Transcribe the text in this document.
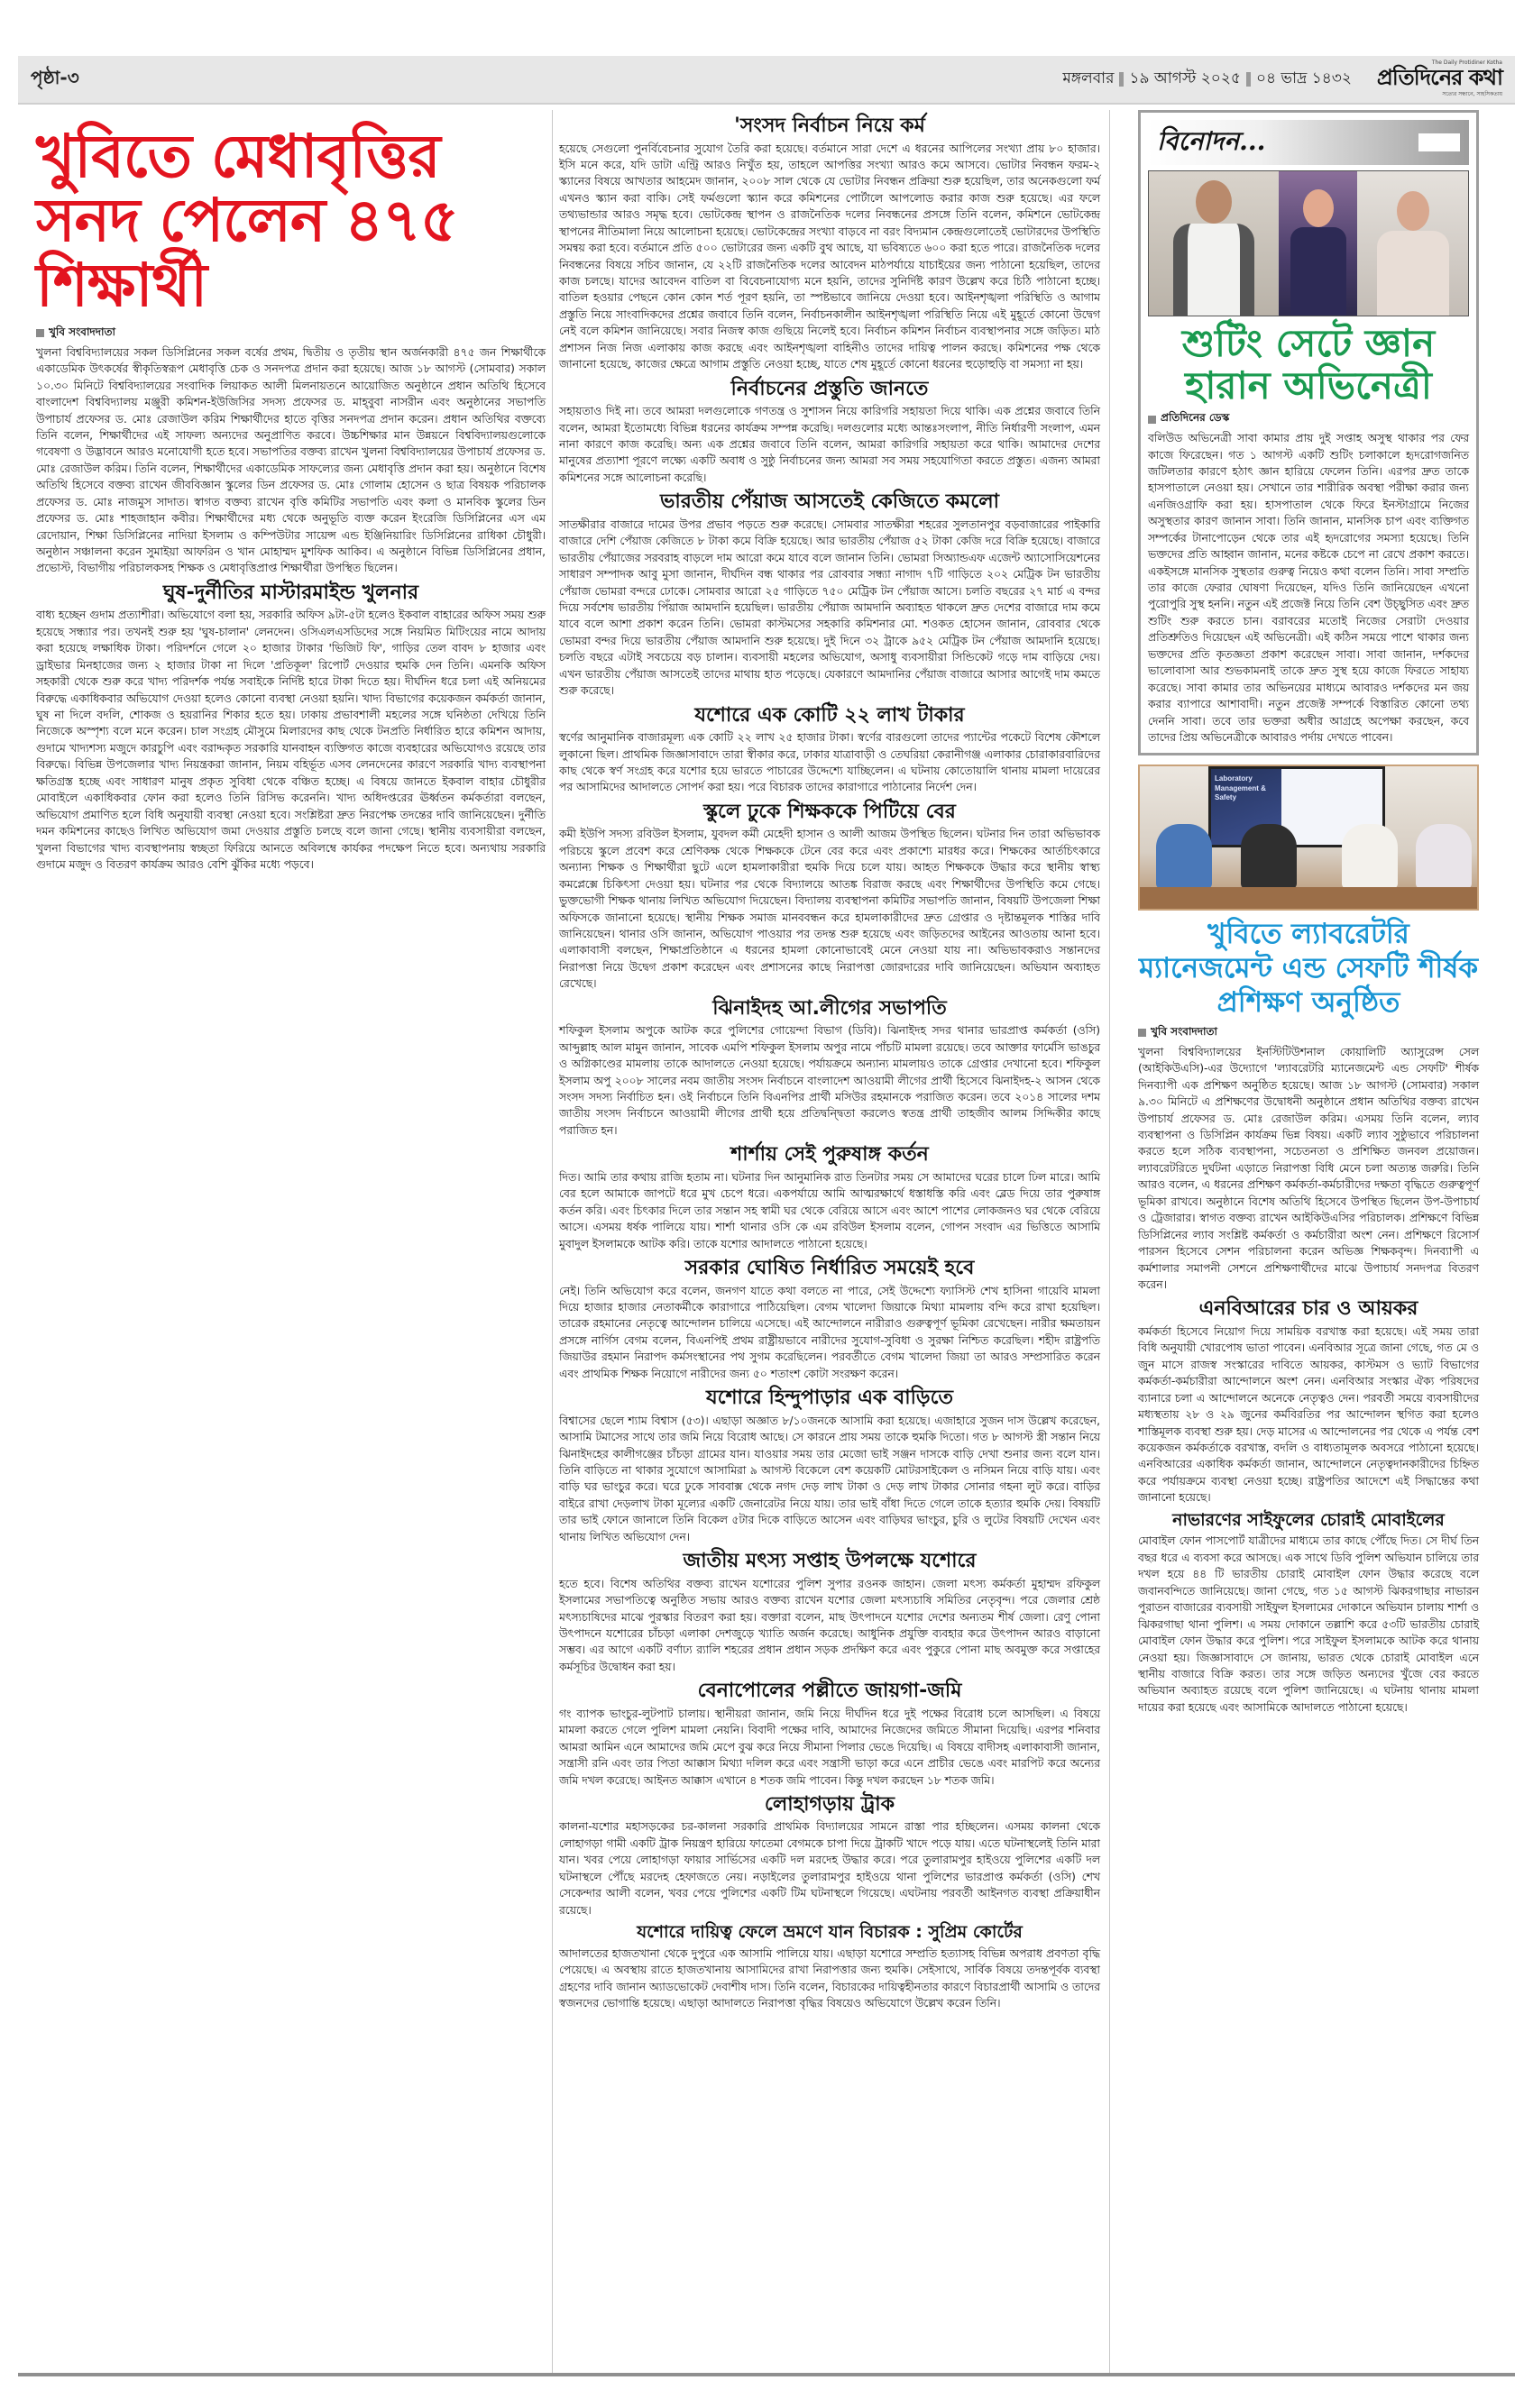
পৃষ্ঠা-৩	মঙ্গলবার ১৯ আগস্ট ২০২৫ ০৪ ভাদ্র ১৪৩২
The Daily Protidiner Kotha
প্রতিদিনের কথা
সত্যের সন্ধানে, সাহসিকতায়
খুবিতে মেধাবৃত্তির সনদ পেলেন ৪৭৫ শিক্ষার্থী
খুবি সংবাদদাতা

খুলনা বিশ্ববিদ্যালয়ের সকল ডিসিপ্লিনের সকল বর্ষের প্রথম, দ্বিতীয় ও তৃতীয় স্থান অর্জনকারী ৪৭৫ জন শিক্ষার্থীকে একাডেমিক উৎকর্ষের স্বীকৃতিস্বরূপ মেধাবৃত্তি চেক ও সনদপত্র প্রদান করা হয়েছে। আজ ১৮ আগস্ট (সোমবার) সকাল ১০.৩০ মিনিটে বিশ্ববিদ্যালয়ের সংবাদিক লিয়াকত আলী মিলনায়তনে আয়োজিত অনুষ্ঠানে প্রধান অতিথি হিসেবে বাংলাদেশ বিশ্ববিদ্যালয় মঞ্জুরী কমিশন-ইউজিসির সদস্য প্রফেসর ড. মাহ্‌বুবা নাসরীন এবং অনুষ্ঠানের সভাপতি উপাচার্য প্রফেসর ড. মোঃ রেজাউল করিম শিক্ষার্থীদের হাতে বৃত্তির সনদপত্র প্রদান করেন। প্রধান অতিথির বক্তব্যে তিনি বলেন, শিক্ষার্থীদের এই সাফল্য অন্যদের অনুপ্রাণিত করবে। উচ্চশিক্ষার মান উন্নয়নে বিশ্ববিদ্যালয়গুলোকে গবেষণা ও উদ্ভাবনে আরও মনোযোগী হতে হবে। সভাপতির বক্তব্য রাখেন খুলনা বিশ্ববিদ্যালয়ের উপাচার্য প্রফেসর ড. মোঃ রেজাউল করিম। তিনি বলেন, শিক্ষার্থীদের একাডেমিক সাফল্যের জন্য মেধাবৃত্তি প্রদান করা হয়। অনুষ্ঠানে বিশেষ অতিথি হিসেবে বক্তব্য রাখেন জীববিজ্ঞান স্কুলের ডিন প্রফেসর ড. মোঃ গোলাম হোসেন ও ছাত্র বিষয়ক পরিচালক প্রফেসর ড. মোঃ নাজমুস সাদাত। স্বাগত বক্তব্য রাখেন বৃত্তি কমিটির সভাপতি এবং কলা ও মানবিক স্কুলের ডিন প্রফেসর ড. মোঃ শাহজাহান কবীর। শিক্ষার্থীদের মধ্য থেকে অনুভূতি ব্যক্ত করেন ইংরেজি ডিসিপ্লিনের এস এম রেদোয়ান, শিক্ষা ডিসিপ্লিনের নাদিয়া ইসলাম ও কম্পিউটার সায়েন্স এন্ড ইঞ্জিনিয়ারিং ডিসিপ্লিনের রাধিকা চৌধুরী। অনুষ্ঠান সঞ্চালনা করেন সুমাইয়া আফরিন ও খান মোহাম্মদ মুশফিক আকিব। এ অনুষ্ঠানে বিভিন্ন ডিসিপ্লিনের প্রধান, প্রভোস্ট, বিভাগীয় পরিচালকসহ শিক্ষক ও মেধাবৃত্তিপ্রাপ্ত শিক্ষার্থীরা উপস্থিত ছিলেন।

ঘুষ-দুর্নীতির মাস্টারমাইন্ড খুলনার

বাধ্য হচ্ছেন গুদাম প্রত্যাশীরা। অভিযোগে বলা হয়, সরকারি অফিস ৯টা-৫টা হলেও ইকবাল বাহারের অফিস সময় শুরু হয়েছে সন্ধ্যার পর। তখনই শুরু হয় 'ঘুষ-চালান' লেনদেন। ওসিএলএসডিদের সঙ্গে নিয়মিত মিটিংয়ের নামে আদায় করা হয়েছে লক্ষাধিক টাকা। পরিদর্শনে গেলে ২০ হাজার টাকার 'ভিজিট ফি', গাড়ির তেল বাবদ ৮ হাজার এবং ড্রাইভার মিনহাজের জন্য ২ হাজার টাকা না দিলে 'প্রতিকূল' রিপোর্ট দেওয়ার হুমকি দেন তিনি। এমনকি অফিস সহকারী থেকে শুরু করে খাদ্য পরিদর্শক পর্যন্ত সবাইকে নির্দিষ্ট হারে টাকা দিতে হয়। দীর্ঘদিন ধরে চলা এই অনিয়মের বিরুদ্ধে একাধিকবার অভিযোগ দেওয়া হলেও কোনো ব্যবস্থা নেওয়া হয়নি। খাদ্য বিভাগের কয়েকজন কর্মকর্তা জানান, ঘুষ না দিলে বদলি, শোকজ ও হয়রানির শিকার হতে হয়। ঢাকায় প্রভাবশালী মহলের সঙ্গে ঘনিষ্ঠতা দেখিয়ে তিনি নিজেকে অস্পৃশ্য বলে মনে করেন। চাল সংগ্রহ মৌসুমে মিলারদের কাছ থেকে টনপ্রতি নির্ধারিত হারে কমিশন আদায়, গুদামে খাদ্যশস্য মজুদে কারচুপি এবং বরাদ্দকৃত সরকারি যানবাহন ব্যক্তিগত কাজে ব্যবহারের অভিযোগও রয়েছে তার বিরুদ্ধে। বিভিন্ন উপজেলার খাদ্য নিয়ন্ত্রকরা জানান, নিয়ম বহির্ভূত এসব লেনদেনের কারণে সরকারি খাদ্য ব্যবস্থাপনা ক্ষতিগ্রস্ত হচ্ছে এবং সাধারণ মানুষ প্রকৃত সুবিধা থেকে বঞ্চিত হচ্ছে। এ বিষয়ে জানতে ইকবাল বাহার চৌধুরীর মোবাইলে একাধিকবার ফোন করা হলেও তিনি রিসিভ করেননি। খাদ্য অধিদপ্তরের ঊর্ধ্বতন কর্মকর্তারা বলছেন, অভিযোগ প্রমাণিত হলে বিধি অনুযায়ী ব্যবস্থা নেওয়া হবে। সংশ্লিষ্টরা দ্রুত নিরপেক্ষ তদন্তের দাবি জানিয়েছেন। দুর্নীতি দমন কমিশনের কাছেও লিখিত অভিযোগ জমা দেওয়ার প্রস্তুতি চলছে বলে জানা গেছে। স্থানীয় ব্যবসায়ীরা বলছেন, খুলনা বিভাগের খাদ্য ব্যবস্থাপনায় স্বচ্ছতা ফিরিয়ে আনতে অবিলম্বে কার্যকর পদক্ষেপ নিতে হবে। অন্যথায় সরকারি গুদামে মজুদ ও বিতরণ কার্যক্রম আরও বেশি ঝুঁকির মধ্যে পড়বে।

'সংসদ নির্বাচন নিয়ে কর্ম

হয়েছে সেগুলো পুনর্বিবেচনার সুযোগ তৈরি করা হয়েছে। বর্তমানে সারা দেশে এ ধরনের আপিলের সংখ্যা প্রায় ৮০ হাজার। ইসি মনে করে, যদি ডাটা এন্ট্রি আরও নিখুঁত হয়, তাহলে আপত্তির সংখ্যা আরও কমে আসবে। ভোটার নিবন্ধন ফরম-২ স্ক্যানের বিষয়ে আখতার আহমেদ জানান, ২০০৮ সাল থেকে যে ভোটার নিবন্ধন প্রক্রিয়া শুরু হয়েছিল, তার অনেকগুলো ফর্ম এখনও স্ক্যান করা বাকি। সেই ফর্মগুলো স্ক্যান করে কমিশনের পোর্টালে আপলোড করার কাজ শুরু হয়েছে। এর ফলে তথ্যভান্ডার আরও সমৃদ্ধ হবে। ভোটকেন্দ্র স্থাপন ও রাজনৈতিক দলের নিবন্ধনের প্রসঙ্গে তিনি বলেন, কমিশনে ভোটকেন্দ্র স্থাপনের নীতিমালা নিয়ে আলোচনা হয়েছে। ভোটকেন্দ্রের সংখ্যা বাড়বে না বরং বিদ্যমান কেন্দ্রগুলোতেই ভোটারদের উপস্থিতি সমন্বয় করা হবে। বর্তমানে প্রতি ৫০০ ভোটারের জন্য একটি বুথ আছে, যা ভবিষ্যতে ৬০০ করা হতে পারে। রাজনৈতিক দলের নিবন্ধনের বিষয়ে সচিব জানান, যে ২২টি রাজনৈতিক দলের আবেদন মাঠপর্যায়ে যাচাইয়ের জন্য পাঠানো হয়েছিল, তাদের কাজ চলছে। যাদের আবেদন বাতিল বা বিবেচনাযোগ্য মনে হয়নি, তাদের সুনির্দিষ্ট কারণ উল্লেখ করে চিঠি পাঠানো হচ্ছে। বাতিল হওয়ার পেছনে কোন কোন শর্ত পূরণ হয়নি, তা স্পষ্টভাবে জানিয়ে দেওয়া হবে। আইনশৃঙ্খলা পরিস্থিতি ও আগাম প্রস্তুতি নিয়ে সাংবাদিকদের প্রশ্নের জবাবে তিনি বলেন, নির্বাচনকালীন আইনশৃঙ্খলা পরিস্থিতি নিয়ে এই মুহূর্তে কোনো উদ্বেগ নেই বলে কমিশন জানিয়েছে। সবার নিজস্ব কাজ গুছিয়ে নিলেই হবে। নির্বাচন কমিশন নির্বাচন ব্যবস্থাপনার সঙ্গে জড়িত। মাঠ প্রশাসন নিজ নিজ এলাকায় কাজ করছে এবং আইনশৃঙ্খলা বাহিনীও তাদের দায়িত্ব পালন করছে। কমিশনের পক্ষ থেকে জানানো হয়েছে, কাজের ক্ষেত্রে আগাম প্রস্তুতি নেওয়া হচ্ছে, যাতে শেষ মুহূর্তে কোনো ধরনের হুড়োহুড়ি বা সমস্যা না হয়।

নির্বাচনের প্রস্তুতি জানতে

সহায়তাও দিই না। তবে আমরা দলগুলোকে গণতন্ত্র ও সুশাসন নিয়ে কারিগরি সহায়তা দিয়ে থাকি। এক প্রশ্নের জবাবে তিনি বলেন, আমরা ইতোমধ্যে বিভিন্ন ধরনের কার্যক্রম সম্পন্ন করেছি। দলগুলোর মধ্যে আন্তঃসংলাপ, নীতি নির্ধারণী সংলাপ, এমন নানা কারণে কাজ করেছি। অন্য এক প্রশ্নের জবাবে তিনি বলেন, আমরা কারিগরি সহায়তা করে থাকি। আমাদের দেশের মানুষের প্রত্যাশা পূরণে লক্ষ্যে একটি অবাধ ও সুষ্ঠু নির্বাচনের জন্য আমরা সব সময় সহযোগিতা করতে প্রস্তুত। এজন্য আমরা কমিশনের সঙ্গে আলোচনা করেছি।

ভারতীয় পেঁয়াজ আসতেই কেজিতে কমলো

সাতক্ষীরার বাজারে দামের উপর প্রভাব পড়তে শুরু করেছে। সোমবার সাতক্ষীরা শহরের সুলতানপুর বড়বাজারের পাইকারি বাজারে দেশি পেঁয়াজ কেজিতে ৮ টাকা কমে বিক্রি হয়েছে। আর ভারতীয় পেঁয়াজ ৫২ টাকা কেজি দরে বিক্রি হয়েছে। বাজারে ভারতীয় পেঁয়াজের সরবরাহ বাড়লে দাম আরো কমে যাবে বলে জানান তিনি। ভোমরা সিঅ্যান্ডএফ এজেন্ট অ্যাসোসিয়েশনের সাধারণ সম্পাদক আবু মুসা জানান, দীর্ঘদিন বন্ধ থাকার পর রোববার সন্ধ্যা নাগাদ ৭টি গাড়িতে ২০২ মেট্রিক টন ভারতীয় পেঁয়াজ ভোমরা বন্দরে ঢোকে। সোমবার আরো ২৫ গাড়িতে ৭৫০ মেট্রিক টন পেঁয়াজ আসে। চলতি বছরের ২৭ মার্চ এ বন্দর দিয়ে সর্বশেষ ভারতীয় পিঁয়াজ আমদানি হয়েছিল। ভারতীয় পেঁয়াজ আমদানি অব্যাহত থাকলে দ্রুত দেশের বাজারে দাম কমে যাবে বলে আশা প্রকাশ করেন তিনি। ভোমরা কাস্টমসের সহকারি কমিশনার মো. শওকত হোসেন জানান, রোববার থেকে ভোমরা বন্দর দিয়ে ভারতীয় পেঁয়াজ আমদানি শুরু হয়েছে। দুই দিনে ৩২ ট্রাকে ৯৫২ মেট্রিক টন পেঁয়াজ আমদানি হয়েছে। চলতি বছরে এটাই সবচেয়ে বড় চালান। ব্যবসায়ী মহলের অভিযোগ, অসাধু ব্যবসায়ীরা সিন্ডিকেট গড়ে দাম বাড়িয়ে দেয়। এখন ভারতীয় পেঁয়াজ আসতেই তাদের মাথায় হাত পড়েছে। যেকারণে আমদানির পেঁয়াজ বাজারে আসার আগেই দাম কমতে শুরু করেছে।

যশোরে এক কোটি ২২ লাখ টাকার

স্বর্ণের আনুমানিক বাজারমূল্য এক কোটি ২২ লাখ ২৫ হাজার টাকা। স্বর্ণের বারগুলো তাদের প্যান্টের পকেটে বিশেষ কৌশলে লুকানো ছিল। প্রাথমিক জিজ্ঞাসাবাদে তারা স্বীকার করে, ঢাকার যাত্রাবাড়ী ও তেঘরিয়া কেরানীগঞ্জ এলাকার চোরাকারবারিদের কাছ থেকে স্বর্ণ সংগ্রহ করে যশোর হয়ে ভারতে পাচারের উদ্দেশ্যে যাচ্ছিলেন। এ ঘটনায় কোতোয়ালি থানায় মামলা দায়েরের পর আসামিদের আদালতে সোপর্দ করা হয়। পরে বিচারক তাদের কারাগারে পাঠানোর নির্দেশ দেন।

স্কুলে ঢুকে শিক্ষককে পিটিয়ে বের

কমী ইউপি সদস্য রবিউল ইসলাম, যুবদল কর্মী মেহেদী হাসান ও আলী আজম উপস্থিত ছিলেন। ঘটনার দিন তারা অভিভাবক পরিচয়ে স্কুলে প্রবেশ করে শ্রেণিকক্ষ থেকে শিক্ষককে টেনে বের করে এবং প্রকাশ্যে মারধর করে। শিক্ষকের আর্তচিৎকারে অন্যান্য শিক্ষক ও শিক্ষার্থীরা ছুটে এলে হামলাকারীরা হুমকি দিয়ে চলে যায়। আহত শিক্ষককে উদ্ধার করে স্থানীয় স্বাস্থ্য কমপ্লেক্সে চিকিৎসা দেওয়া হয়। ঘটনার পর থেকে বিদ্যালয়ে আতঙ্ক বিরাজ করছে এবং শিক্ষার্থীদের উপস্থিতি কমে গেছে। ভুক্তভোগী শিক্ষক থানায় লিখিত অভিযোগ দিয়েছেন। বিদ্যালয় ব্যবস্থাপনা কমিটির সভাপতি জানান, বিষয়টি উপজেলা শিক্ষা অফিসকে জানানো হয়েছে। স্থানীয় শিক্ষক সমাজ মানববন্ধন করে হামলাকারীদের দ্রুত গ্রেপ্তার ও দৃষ্টান্তমূলক শাস্তির দাবি জানিয়েছেন। থানার ওসি জানান, অভিযোগ পাওয়ার পর তদন্ত শুরু হয়েছে এবং জড়িতদের আইনের আওতায় আনা হবে। এলাকাবাসী বলছেন, শিক্ষাপ্রতিষ্ঠানে এ ধরনের হামলা কোনোভাবেই মেনে নেওয়া যায় না। অভিভাবকরাও সন্তানদের নিরাপত্তা নিয়ে উদ্বেগ প্রকাশ করেছেন এবং প্রশাসনের কাছে নিরাপত্তা জোরদারের দাবি জানিয়েছেন। অভিযান অব্যাহত রেখেছে।

ঝিনাইদহ আ.লীগের সভাপতি

শফিকুল ইসলাম অপুকে আটক করে পুলিশের গোয়েন্দা বিভাগ (ডিবি)। ঝিনাইদহ সদর থানার ভারপ্রাপ্ত কর্মকর্তা (ওসি) আব্দুল্লাহ আল মামুন জানান, সাবেক এমপি শফিকুল ইসলাম অপুর নামে পাঁচটি মামলা রয়েছে। তবে আক্তার ফার্মেসি ভাঙচুর ও অগ্নিকাণ্ডের মামলায় তাকে আদালতে নেওয়া হয়েছে। পর্যায়ক্রমে অন্যান্য মামলায়ও তাকে গ্রেপ্তার দেখানো হবে। শফিকুল ইসলাম অপু ২০০৮ সালের নবম জাতীয় সংসদ নির্বাচনে বাংলাদেশ আওয়ামী লীগের প্রার্থী হিসেবে ঝিনাইদহ-২ আসন থেকে সংসদ সদস্য নির্বাচিত হন। ওই নির্বাচনে তিনি বিএনপির প্রার্থী মসিউর রহমানকে পরাজিত করেন। তবে ২০১৪ সালের দশম জাতীয় সংসদ নির্বাচনে আওয়ামী লীগের প্রার্থী হয়ে প্রতিদ্বন্দ্বিতা করলেও স্বতন্ত্র প্রার্থী তাহজীব আলম সিদ্দিকীর কাছে পরাজিত হন।

শার্শায় সেই পুরুষাঙ্গ কর্তন

দিত। আমি তার কথায় রাজি হতাম না। ঘটনার দিন আনুমানিক রাত তিনটার সময় সে আমাদের ঘরের চালে ঢিল মারে। আমি বের হলে আমাকে জাপটে ধরে মুখ চেপে ধরে। একপর্যায়ে আমি আত্মরক্ষার্থে ধস্তাধস্তি করি এবং ব্লেড দিয়ে তার পুরুষাঙ্গ কর্তন করি। এবং চিৎকার দিলে তার সন্তান সহ স্বামী ঘর থেকে বেরিয়ে আসে এবং আশে পাশের লোকজনও ঘর থেকে বেরিয়ে আসে। এসময় ধর্ষক পালিয়ে যায়। শার্শা থানার ওসি কে এম রবিউল ইসলাম বলেন, গোপন সংবাদ এর ভিত্তিতে আসামি মুবাদুল ইসলামকে আটক করি। তাকে যশোর আদালতে পাঠানো হয়েছে।

সরকার ঘোষিত নির্ধারিত সময়েই হবে

নেই। তিনি অভিযোগ করে বলেন, জনগণ যাতে কথা বলতে না পারে, সেই উদ্দেশ্যে ফ্যাসিস্ট শেখ হাসিনা গায়েবি মামলা দিয়ে হাজার হাজার নেতাকর্মীকে কারাগারে পাঠিয়েছিল। বেগম খালেদা জিয়াকে মিথ্যা মামলায় বন্দি করে রাখা হয়েছিল। তারেক রহমানের নেতৃত্বে আন্দোলন চালিয়ে এসেছে। এই আন্দোলনে নারীরাও গুরুত্বপূর্ণ ভূমিকা রেখেছেন। নারীর ক্ষমতায়ন প্রসঙ্গে নার্গিস বেগম বলেন, বিএনপিই প্রথম রাষ্ট্রীয়ভাবে নারীদের সুযোগ-সুবিধা ও সুরক্ষা নিশ্চিত করেছিল। শহীদ রাষ্ট্রপতি জিয়াউর রহমান নিরাপদ কর্মসংস্থানের পথ সুগম করেছিলেন। পরবর্তীতে বেগম খালেদা জিয়া তা আরও সম্প্রসারিত করেন এবং প্রাথমিক শিক্ষক নিয়োগে নারীদের জন্য ৫০ শতাংশ কোটা সংরক্ষণ করেন।

যশোরে হিন্দুপাড়ার এক বাড়িতে

বিশ্বাসের ছেলে শ্যাম বিশ্বাস (৫৩)। এছাড়া অজ্ঞাত ৮/১০জনকে আসামি করা হয়েছে। এজাহারে সুজন দাস উল্লেখ করেছেন, আসামি টমাসের সাথে তার জমি নিয়ে বিরোধ আছে। সে কারনে প্রায় সময় তাকে হুমকি দিতো। গত ৮ আগস্ট স্ত্রী সন্তান নিয়ে ঝিনাইদহের কালীগঞ্জের চাঁচড়া গ্রামের যান। যাওয়ার সময় তার মেজো ভাই সঞ্জন দাসকে বাড়ি দেখা শুনার জন্য বলে যান। তিনি বাড়িতে না থাকার সুযোগে আসামিরা ৯ আগস্ট বিকেলে বেশ কয়েকটি মোটরসাইকেল ও নসিমন নিয়ে বাড়ি যায়। এবং বাড়ি ঘর ভাংচুর করে। ঘরে ঢুকে সাববাক্স থেকে নগদ দেড় লাখ টাকা ও দেড় লাখ টাকার সোনার গহনা লুট করে। বাড়ির বাইরে রাখা দেড়লাখ টাকা মূল্যের একটি জেনারেটর নিয়ে যায়। তার ভাই বাঁধা দিতে গেলে তাকে হত্যার হুমকি দেয়। বিষয়টি তার ভাই ফোনে জানালে তিনি বিকেল ৫টার দিকে বাড়িতে আসেন এবং বাড়িঘর ভাংচুর, চুরি ও লুটের বিষয়টি দেখেন এবং থানায় লিখিত অভিযোগ দেন।

জাতীয় মৎস্য সপ্তাহ উপলক্ষে যশোরে

হতে হবে। বিশেষ অতিথির বক্তব্য রাখেন যশোরের পুলিশ সুপার রওনক জাহান। জেলা মৎস্য কর্মকর্তা মুহাম্মদ রফিকুল ইসলামের সভাপতিত্বে অনুষ্ঠিত সভায় আরও বক্তব্য রাখেন যশোর জেলা মৎস্যচাষি সমিতির নেতৃবৃন্দ। পরে জেলার শ্রেষ্ঠ মৎস্যচাষিদের মাঝে পুরস্কার বিতরণ করা হয়। বক্তারা বলেন, মাছ উৎপাদনে যশোর দেশের অন্যতম শীর্ষ জেলা। রেণু পোনা উৎপাদনে যশোরের চাঁচড়া এলাকা দেশজুড়ে খ্যাতি অর্জন করেছে। আধুনিক প্রযুক্তি ব্যবহার করে উৎপাদন আরও বাড়ানো সম্ভব। এর আগে একটি বর্ণাঢ্য র‍্যালি শহরের প্রধান প্রধান সড়ক প্রদক্ষিণ করে এবং পুকুরে পোনা মাছ অবমুক্ত করে সপ্তাহের কর্মসূচির উদ্বোধন করা হয়।

বেনাপোলের পল্লীতে জায়গা-জমি

গং ব্যাপক ভাংচুর-লুটপাট চালায়। স্থানীয়রা জানান, জমি নিয়ে দীর্ঘদিন ধরে দুই পক্ষের বিরোধ চলে আসছিল। এ বিষয়ে মামলা করতে গেলে পুলিশ মামলা নেয়নি। বিবাদী পক্ষের দাবি, আমাদের নিজেদের জমিতে সীমানা দিয়েছি। এরপর শনিবার আমরা আমিন এনে আমাদের জমি মেপে বুঝ করে নিয়ে সীমানা পিলার ভেঙে দিয়েছি। এ বিষয়ে বাদীসহ এলাকাবাসী জানান, সন্ত্রাসী রনি এবং তার পিতা আক্কাস মিথ্যা দলিল করে এবং সন্ত্রাসী ভাড়া করে এনে প্রাচীর ভেঙে এবং মারপিট করে অন্যের জমি দখল করেছে। আইনত আক্কাস এখানে ৪ শতক জমি পাবেন। কিন্তু দখল করছেন ১৮ শতক জমি।

লোহাগড়ায় ট্রাক

কালনা-যশোর মহাসড়কের চর-কালনা সরকারি প্রাথমিক বিদ্যালয়ের সামনে রাস্তা পার হচ্ছিলেন। এসময় কালনা থেকে লোহাগড়া গামী একটি ট্রাক নিয়ন্ত্রণ হারিয়ে ফাতেমা বেগমকে চাপা দিয়ে ট্রাকটি খাদে পড়ে যায়। এতে ঘটনাস্থলেই তিনি মারা যান। খবর পেয়ে লোহাগড়া ফায়ার সার্ভিসের একটি দল মরদেহ উদ্ধার করে। পরে তুলারামপুর হাইওয়ে পুলিশের একটি দল ঘটনাস্থলে পৌঁছে মরদেহ হেফাজতে নেয়। নড়াইলের তুলারামপুর হাইওয়ে থানা পুলিশের ভারপ্রাপ্ত কর্মকর্তা (ওসি) শেখ সেকেন্দার আলী বলেন, খবর পেয়ে পুলিশের একটি টিম ঘটনাস্থলে গিয়েছে। এঘটনায় পরবর্তী আইনগত ব্যবস্থা প্রক্রিয়াধীন রয়েছে।

যশোরে দায়িত্ব ফেলে ভ্রমণে যান বিচারক : সুপ্রিম কোর্টের

আদালতের হাজতখানা থেকে দুপুরে এক আসামি পালিয়ে যায়। এছাড়া যশোরে সম্প্রতি হত্যাসহ বিভিন্ন অপরাধ প্রবণতা বৃদ্ধি পেয়েছে। এ অবস্থায় রাতে হাজতখানায় আসামিদের রাখা নিরাপত্তার জন্য হুমকি। সেইসাথে, সার্বিক বিষয়ে তদন্তপূর্বক ব্যবস্থা গ্রহণের দাবি জানান অ্যাডভোকেট দেবাশীষ দাস। তিনি বলেন, বিচারকের দায়িত্বহীনতার কারণে বিচারপ্রার্থী আসামি ও তাদের স্বজনদের ভোগান্তি হয়েছে। এছাড়া আদালতে নিরাপত্তা বৃদ্ধির বিষয়েও অভিযোগে উল্লেখ করেন তিনি।

বিনোদন...
শুটিং সেটে জ্ঞান হারান অভিনেত্রী
প্রতিদিনের ডেস্ক

বলিউড অভিনেত্রী সাবা কামার প্রায় দুই সপ্তাহ অসুস্থ থাকার পর ফের কাজে ফিরেছেন। গত ১ আগস্ট একটি শুটিং চলাকালে হৃদরোগজনিত জটিলতার কারণে হঠাৎ জ্ঞান হারিয়ে ফেলেন তিনি। এরপর দ্রুত তাকে হাসপাতালে নেওয়া হয়। সেখানে তার শারীরিক অবস্থা পরীক্ষা করার জন্য এনজিওগ্রাফি করা হয়। হাসপাতাল থেকে ফিরে ইনস্টাগ্রামে নিজের অসুস্থতার কারণ জানান সাবা। তিনি জানান, মানসিক চাপ এবং ব্যক্তিগত সম্পর্কের টানাপোড়েন থেকে তার এই হৃদরোগের সমস্যা হয়েছে। তিনি ভক্তদের প্রতি আহ্বান জানান, মনের কষ্টকে চেপে না রেখে প্রকাশ করতে। একইসঙ্গে মানসিক সুস্থতার গুরুত্ব নিয়েও কথা বলেন তিনি। সাবা সম্প্রতি তার কাজে ফেরার ঘোষণা দিয়েছেন, যদিও তিনি জানিয়েছেন এখনো পুরোপুরি সুস্থ হননি। নতুন এই প্রজেক্ট নিয়ে তিনি বেশ উচ্ছ্বসিত এবং দ্রুত শুটিং শুরু করতে চান। বরাবরের মতোই নিজের সেরাটা দেওয়ার প্রতিশ্রুতিও দিয়েছেন এই অভিনেত্রী। এই কঠিন সময়ে পাশে থাকার জন্য ভক্তদের প্রতি কৃতজ্ঞতা প্রকাশ করেছেন সাবা। সাবা জানান, দর্শকদের ভালোবাসা আর শুভকামনাই তাকে দ্রুত সুস্থ হয়ে কাজে ফিরতে সাহায্য করেছে। সাবা কামার তার অভিনয়ের মাধ্যমে আবারও দর্শকদের মন জয় করার ব্যাপারে আশাবাদী। নতুন প্রজেক্ট সম্পর্কে বিস্তারিত কোনো তথ্য দেননি সাবা। তবে তার ভক্তরা অধীর আগ্রহে অপেক্ষা করছেন, কবে তাদের প্রিয় অভিনেত্রীকে আবারও পর্দায় দেখতে পাবেন।

Laboratory Management & Safety
খুবিতে ল্যাবরেটরি ম্যানেজমেন্ট এন্ড সেফটি শীর্ষক প্রশিক্ষণ অনুষ্ঠিত
খুবি সংবাদদাতা

খুলনা বিশ্ববিদ্যালয়ের ইনস্টিটিউশনাল কোয়ালিটি অ্যাসুরেন্স সেল (আইকিউএসি)-এর উদ্যোগে 'ল্যাবরেটরি ম্যানেজমেন্ট এন্ড সেফটি' শীর্ষক দিনব্যাপী এক প্রশিক্ষণ অনুষ্ঠিত হয়েছে। আজ ১৮ আগস্ট (সোমবার) সকাল ৯.৩০ মিনিটে এ প্রশিক্ষণের উদ্বোধনী অনুষ্ঠানে প্রধান অতিথির বক্তব্য রাখেন উপাচার্য প্রফেসর ড. মোঃ রেজাউল করিম। এসময় তিনি বলেন, ল্যাব ব্যবস্থাপনা ও ডিসিপ্লিন কার্যক্রম ভিন্ন বিষয়। একটি ল্যাব সুষ্ঠুভাবে পরিচালনা করতে হলে সঠিক ব্যবস্থাপনা, সচেতনতা ও প্রশিক্ষিত জনবল প্রয়োজন। ল্যাবরেটরিতে দুর্ঘটনা এড়াতে নিরাপত্তা বিধি মেনে চলা অত্যন্ত জরুরি। তিনি আরও বলেন, এ ধরনের প্রশিক্ষণ কর্মকর্তা-কর্মচারীদের দক্ষতা বৃদ্ধিতে গুরুত্বপূর্ণ ভূমিকা রাখবে। অনুষ্ঠানে বিশেষ অতিথি হিসেবে উপস্থিত ছিলেন উপ-উপাচার্য ও ট্রেজারার। স্বাগত বক্তব্য রাখেন আইকিউএসির পরিচালক। প্রশিক্ষণে বিভিন্ন ডিসিপ্লিনের ল্যাব সংশ্লিষ্ট কর্মকর্তা ও কর্মচারীরা অংশ নেন। প্রশিক্ষণে রিসোর্স পারসন হিসেবে সেশন পরিচালনা করেন অভিজ্ঞ শিক্ষকবৃন্দ। দিনব্যাপী এ কর্মশালার সমাপনী সেশনে প্রশিক্ষণার্থীদের মাঝে উপাচার্য সনদপত্র বিতরণ করেন।

এনবিআরের চার ও আয়কর

কর্মকর্তা হিসেবে নিয়োগ দিয়ে সাময়িক বরখাস্ত করা হয়েছে। এই সময় তারা বিধি অনুযায়ী খোরপোষ ভাতা পাবেন। এনবিআর সূত্রে জানা গেছে, গত মে ও জুন মাসে রাজস্ব সংস্কারের দাবিতে আয়কর, কাস্টমস ও ভ্যাট বিভাগের কর্মকর্তা-কর্মচারীরা আন্দোলনে অংশ নেন। এনবিআর সংস্কার ঐক্য পরিষদের ব্যানারে চলা এ আন্দোলনে অনেকে নেতৃত্বও দেন। পরবর্তী সময়ে ব্যবসায়ীদের মধ্যস্থতায় ২৮ ও ২৯ জুনের কর্মবিরতির পর আন্দোলন স্থগিত করা হলেও শাস্তিমূলক ব্যবস্থা শুরু হয়। দেড় মাসের এ আন্দোলনের পর থেকে এ পর্যন্ত বেশ কয়েকজন কর্মকর্তাকে বরখাস্ত, বদলি ও বাধ্যতামূলক অবসরে পাঠানো হয়েছে। এনবিআরের একাধিক কর্মকর্তা জানান, আন্দোলনে নেতৃত্বদানকারীদের চিহ্নিত করে পর্যায়ক্রমে ব্যবস্থা নেওয়া হচ্ছে। রাষ্ট্রপতির আদেশে এই সিদ্ধান্তের কথা জানানো হয়েছে।

নাভারণের সাইফুলের চোরাই মোবাইলের

মোবাইল ফোন পাসপোর্ট যাত্রীদের মাধ্যমে তার কাছে পৌঁছে দিত। সে দীর্ঘ তিন বছর ধরে এ ব্যবসা করে আসছে। এক সাথে ডিবি পুলিশ অভিযান চালিয়ে তার দখল হয়ে ৪৪ টি ভারতীয় চোরাই মোবাইল ফোন উদ্ধার করেছে বলে জবানবন্দিতে জানিয়েছে। জানা গেছে, গত ১৫ আগস্ট ঝিকরগাছার নাভারন পুরাতন বাজারের ব্যবসায়ী সাইফুল ইসলামের দোকানে অভিযান চালায় শার্শা ও ঝিকরগাছা থানা পুলিশ। এ সময় দোকানে তল্লাশি করে ৫৩টি ভারতীয় চোরাই মোবাইল ফোন উদ্ধার করে পুলিশ। পরে সাইফুল ইসলামকে আটক করে থানায় নেওয়া হয়। জিজ্ঞাসাবাদে সে জানায়, ভারত থেকে চোরাই মোবাইল এনে স্থানীয় বাজারে বিক্রি করত। তার সঙ্গে জড়িত অন্যদের খুঁজে বের করতে অভিযান অব্যাহত রয়েছে বলে পুলিশ জানিয়েছে। এ ঘটনায় থানায় মামলা দায়ের করা হয়েছে এবং আসামিকে আদালতে পাঠানো হয়েছে।
